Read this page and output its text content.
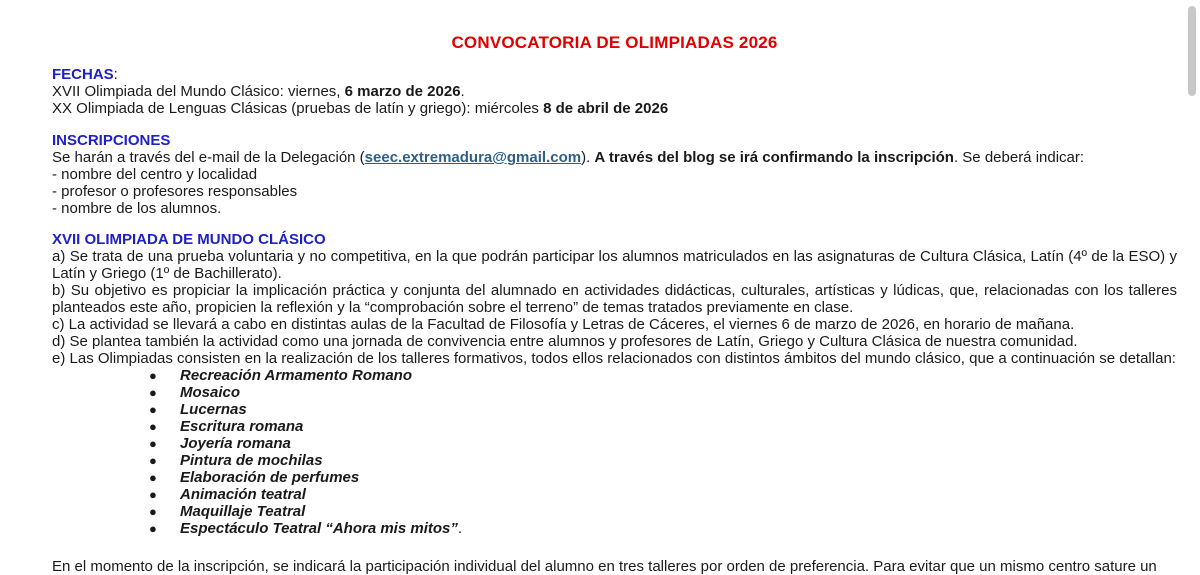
CONVOCATORIA DE OLIMPIADAS 2026
FECHAS:
XVII Olimpiada del Mundo Clásico: viernes, 6 marzo de 2026.
XX Olimpiada de Lenguas Clásicas (pruebas de latín y griego): miércoles 8 de abril de 2026
INSCRIPCIONES
Se harán a través del e-mail de la Delegación (seec.extremadura@gmail.com). A través del blog se irá confirmando la inscripción. Se deberá indicar:
- nombre del centro y localidad
- profesor o profesores responsables
- nombre de los alumnos.
XVII OLIMPIADA DE MUNDO CLÁSICO

a) Se trata de una prueba voluntaria y no competitiva, en la que podrán participar los alumnos matriculados en las asignaturas de Cultura Clásica, Latín (4º de la ESO) y Latín y Griego (1º de Bachillerato).

b) Su objetivo es propiciar la implicación práctica y conjunta del alumnado en actividades didácticas, culturales, artísticas y lúdicas, que, relacionadas con los talleres planteados este año, propicien la reflexión y la “comprobación sobre el terreno” de temas tratados previamente en clase.

c) La actividad se llevará a cabo en distintas aulas de la Facultad de Filosofía y Letras de Cáceres, el viernes 6 de marzo de 2026, en horario de mañana.

d) Se plantea también la actividad como una jornada de convivencia entre alumnos y profesores de Latín, Griego y Cultura Clásica de nuestra comunidad.

e) Las Olimpiadas consisten en la realización de los talleres formativos, todos ellos relacionados con distintos ámbitos del mundo clásico, que a continuación se detallan:

● Recreación Armamento Romano
● Mosaico
● Lucernas
● Escritura romana
● Joyería romana
● Pintura de mochilas
● Elaboración de perfumes
● Animación teatral
● Maquillaje Teatral
● Espectáculo Teatral “Ahora mis mitos”.
En el momento de la inscripción, se indicará la participación individual del alumno en tres talleres por orden de preferencia. Para evitar que un mismo centro sature un
